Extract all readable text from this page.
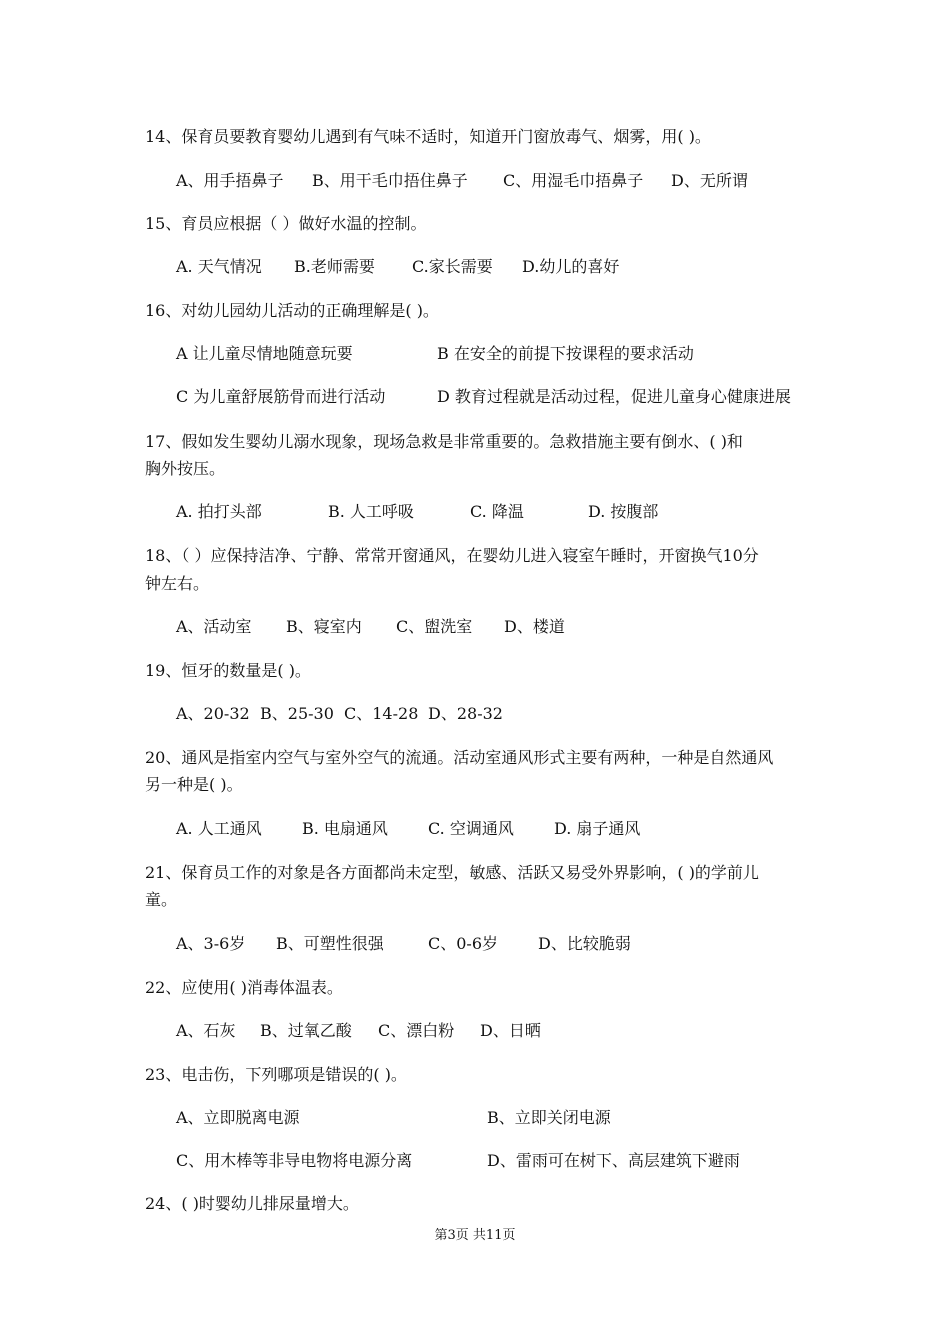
14、保育员要教育婴幼儿遇到有气味不适时，知道开门窗放毒气、烟雾，用( )。
A、用手捂鼻子 B、用干毛巾捂住鼻子 C、用湿毛巾捂鼻子 D、无所谓
15、育员应根据（ ）做好水温的控制。
A. 天气情况 B.老师需要 C.家长需要 D.幼儿的喜好
16、对幼儿园幼儿活动的正确理解是( )。
A 让儿童尽情地随意玩要	B 在安全的前提下按课程的要求活动
C 为儿童舒展筋骨而进行活动	D 教育过程就是活动过程，促进儿童身心健康进展
17、假如发生婴幼儿溺水现象，现场急救是非常重要的。急救措施主要有倒水、( )和
胸外按压。
A. 拍打头部	B. 人工呼吸	C. 降温	D. 按腹部
18、（ ）应保持洁净、宁静、常常开窗通风，在婴幼儿进入寝室午睡时，开窗换气10分
钟左右。
A、活动室 B、寝室内 C、盥洗室 D、楼道
19、恒牙的数量是( )。
A、20-32 B、25-30 C、14-28 D、28-32
20、通风是指室内空气与室外空气的流通。活动室通风形式主要有两种，一种是自然通风
另一种是( )。
A. 人工通风	B. 电扇通风	C. 空调通风	D. 扇子通风
21、保育员工作的对象是各方面都尚未定型，敏感、活跃又易受外界影响，( )的学前儿
童。
A、3-6岁 B、可塑性很强	C、0-6岁 D、比较脆弱
22、应使用( )消毒体温表。
A、石灰 B、过氧乙酸 C、漂白粉 D、日晒
23、电击伤，下列哪项是错误的( )。
A、立即脱离电源	B、立即关闭电源
C、用木棒等非导电物将电源分离	D、雷雨可在树下、高层建筑下避雨
24、( )时婴幼儿排尿量增大。
第3页 共11页
